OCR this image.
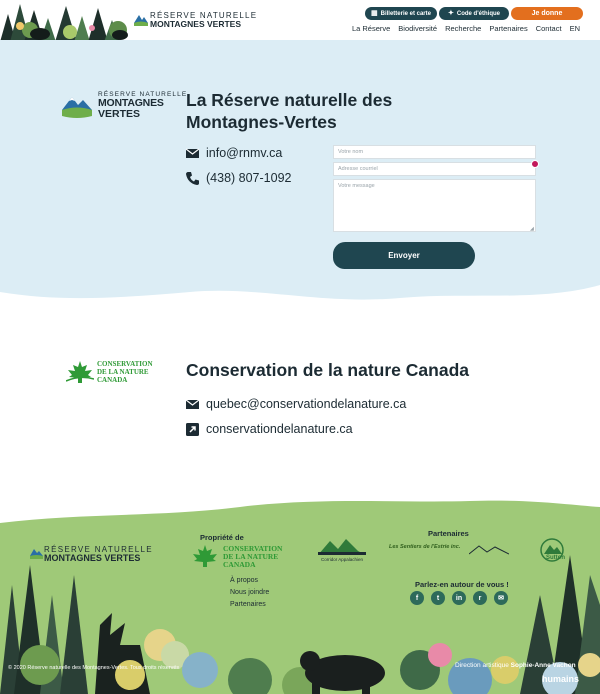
RÉSERVE NATURELLE
MONTAGNES VERTES
▦ Billetterie et carte ✦ Code d'éthique	Je donne
La Réserve Biodiversité Recherche Partenaires Contact EN
RÉSERVE NATURELLE
MONTAGNES
VERTES
La Réserve naturelle des Montagnes-Vertes
info@rnmv.ca
(438) 807-1092
Votre nom
Adresse courriel
Votre message
◢
Envoyer
CONSERVATION
DE LA NATURE
CANADA	Conservation de la nature Canada
quebec@conservationdelanature.ca
conservationdelanature.ca
RÉSERVE NATURELLE
MONTAGNES VERTES
Propriété de
CONSERVATION
DE LA NATURE
CANADA
À propos
Nous joindre
Partenaires
Partenaires
Corridor Appalachien
Les Sentiers de l'Estrie inc.
Sutton
Parlez-en autour de vous !
f	t	in	r	✉
© 2020 Réserve naturelle des Montagnes-Vertes. Tous droits réservés.	Direction artistique Sophie-Anne Vachon
humains
